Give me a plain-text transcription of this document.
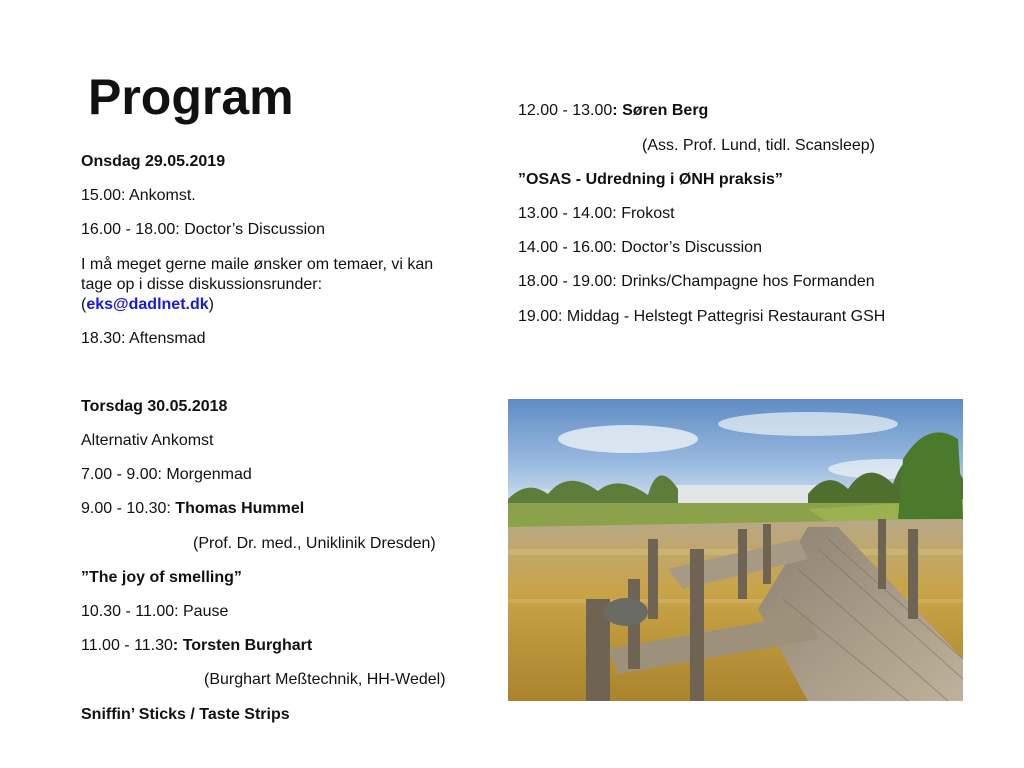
Program
Onsdag 29.05.2019
15.00: Ankomst.
16.00 - 18.00: Doctor’s Discussion
I må meget gerne maile ønsker om temaer, vi kan
tage op i disse diskussionsrunder:
(eks@dadlnet.dk)
18.30: Aftensmad
Torsdag 30.05.2018
Alternativ Ankomst
7.00 - 9.00: Morgenmad
9.00 - 10.30: Thomas Hummel
(Prof. Dr. med., Uniklinik Dresden)
”The joy of smelling”
10.30 - 11.00: Pause
11.00 - 11.30: Torsten Burghart
(Burghart Meßtechnik, HH-Wedel)
Sniffin’ Sticks / Taste Strips
12.00 - 13.00: Søren Berg
(Ass. Prof. Lund, tidl. Scansleep)
”OSAS - Udredning i ØNH praksis”
13.00 - 14.00: Frokost
14.00 - 16.00: Doctor’s Discussion
18.00 - 19.00: Drinks/Champagne hos Formanden
19.00: Middag - Helstegt Pattegrisi Restaurant GSH
